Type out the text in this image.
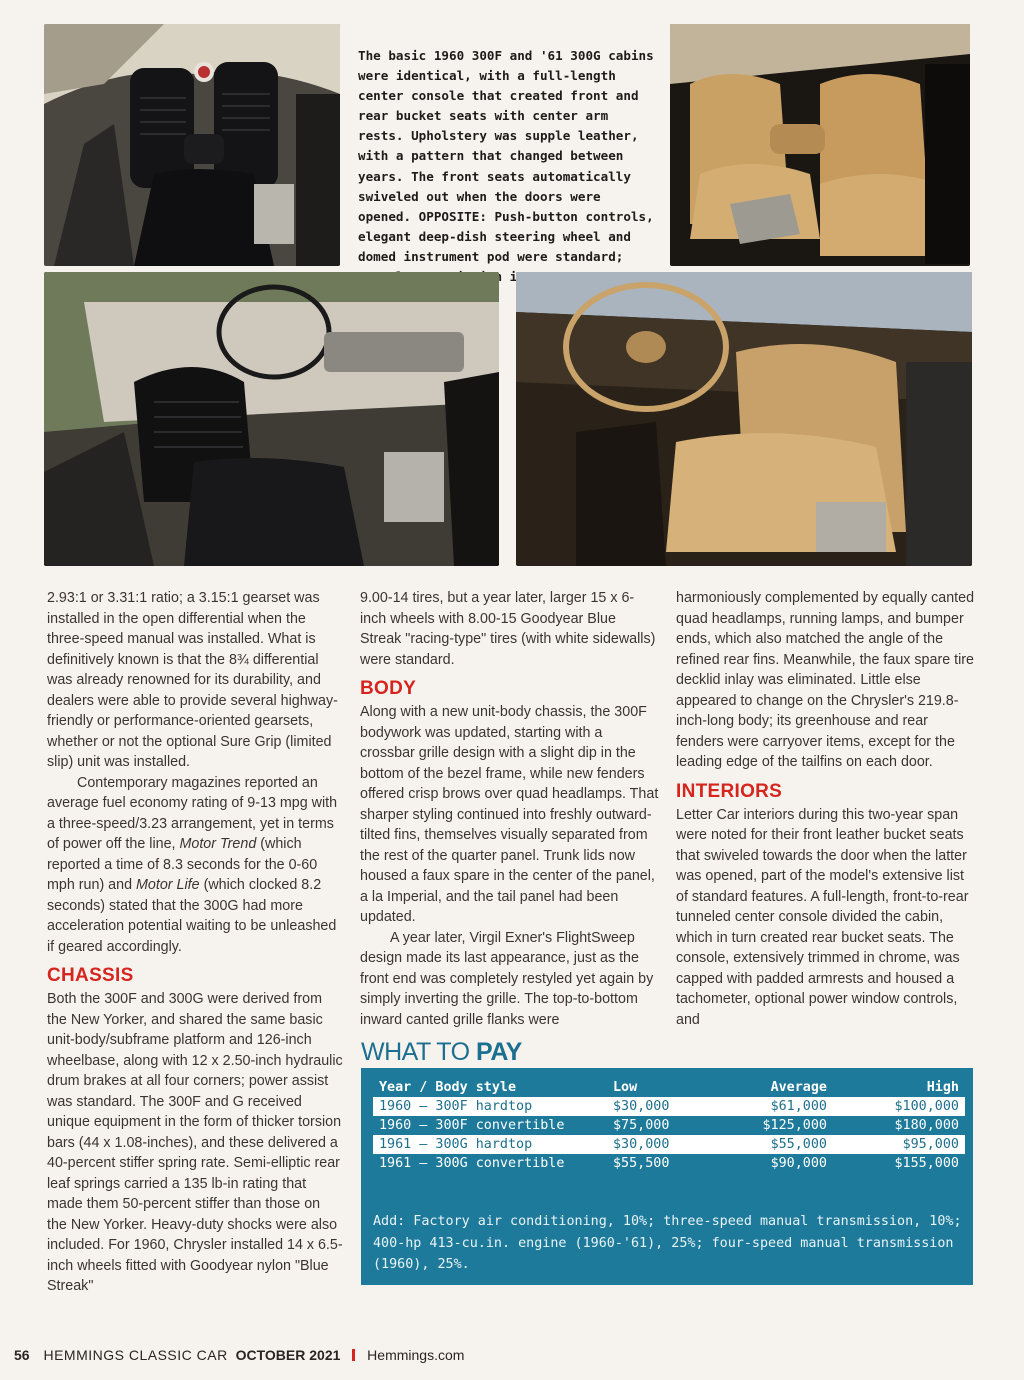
The basic 1960 300F and '61 300G cabins were identical, with a full-length center console that created front and rear bucket seats with center arm rests. Upholstery was supple leather, with a pattern that changed between years. The front seats automatically swiveled out when the doors were opened. OPPOSITE: Push-button controls, elegant deep-dish steering wheel and domed instrument pod were standard;

2.93:1 or 3.31:1 ratio; a 3.15:1 gearset was installed in the open differential when the three-speed manual was installed. What is definitively known is that the 8¾ differential was already renowned for its durability, and dealers were able to provide several highway-friendly or performance-oriented gearsets, whether or not the optional Sure Grip (limited slip) unit was installed.

Contemporary magazines reported an average fuel economy rating of 9-13 mpg with a three-speed/3.23 arrangement, yet in terms of power off the line, Motor Trend (which reported a time of 8.3 seconds for the 0-60 mph run) and Motor Life (which clocked 8.2 seconds) stated that the 300G had more acceleration potential waiting to be unleashed if geared accordingly.

CHASSIS

Both the 300F and 300G were derived from the New Yorker, and shared the same basic unit-body/subframe platform and 126-inch wheelbase, along with 12 x 2.50-inch hydraulic drum brakes at all four corners; power assist was standard. The 300F and G received unique equipment in the form of thicker torsion bars (44 x 1.08-inches), and these delivered a 40-percent stiffer spring rate. Semi-elliptic rear leaf springs carried a 135 lb-in rating that made them 50-percent stiffer than those on the New Yorker. Heavy-duty shocks were also included. For 1960, Chrysler installed 14 x 6.5-inch wheels fitted with Goodyear nylon "Blue Streak"

9.00-14 tires, but a year later, larger 15 x 6-inch wheels with 8.00-15 Goodyear Blue Streak "racing-type" tires (with white sidewalls) were standard.

BODY

Along with a new unit-body chassis, the 300F bodywork was updated, starting with a crossbar grille design with a slight dip in the bottom of the bezel frame, while new fenders offered crisp brows over quad headlamps. That sharper styling continued into freshly outward-tilted fins, themselves visually separated from the rest of the quarter panel. Trunk lids now housed a faux spare in the center of the panel, a la Imperial, and the tail panel had been updated.

A year later, Virgil Exner's FlightSweep design made its last appearance, just as the front end was completely restyled yet again by simply inverting the grille. The top-to-bottom inward canted grille flanks were

harmoniously complemented by equally canted quad headlamps, running lamps, and bumper ends, which also matched the angle of the refined rear fins. Meanwhile, the faux spare tire decklid inlay was eliminated. Little else appeared to change on the Chrysler's 219.8-inch-long body; its greenhouse and rear fenders were carryover items, except for the leading edge of the tailfins on each door.

INTERIORS

Letter Car interiors during this two-year span were noted for their front leather bucket seats that swiveled towards the door when the latter was opened, part of the model's extensive list of standard features. A full-length, front-to-rear tunneled center console divided the cabin, which in turn created rear bucket seats. The console, extensively trimmed in chrome, was capped with padded armrests and housed a tachometer, optional power window controls, and

WHAT TO PAY
Year / Body style	Low	Average	High
1960 – 300F hardtop	$30,000	$61,000	$100,000
1960 – 300F convertible	$75,000	$125,000	$180,000
1961 – 300G hardtop	$30,000	$55,000	$95,000
1961 – 300G convertible	$55,500	$90,000	$155,000

Add: Factory air conditioning, 10%; three-speed manual transmission, 10%; 400-hp 413-cu.in. engine (1960-'61), 25%; four-speed manual transmission (1960), 25%.

56 HEMMINGS CLASSIC CAR OCTOBER 2021 Hemmings.com
